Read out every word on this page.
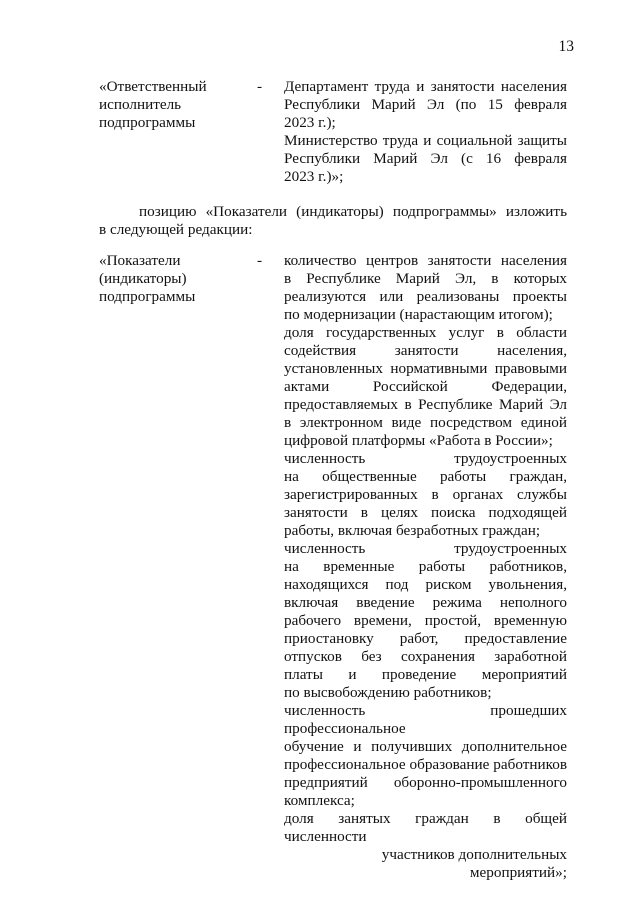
13
«Ответственный исполнитель подпрограммы
- Департамент труда и занятости населения
Республики Марий Эл (по 15 февраля
2023 г.);
Министерство труда и социальной защиты
Республики Марий Эл (с 16 февраля
2023 г.)»;
позицию «Показатели (индикаторы) подпрограммы» изложить
в следующей редакции:
«Показатели (индикаторы) подпрограммы
- количество центров занятости населения
в Республике Марий Эл, в которых
реализуются или реализованы проекты
по модернизации (нарастающим итогом);
доля государственных услуг в области
содействия занятости населения,
установленных нормативными правовыми
актами Российской Федерации,
предоставляемых в Республике Марий Эл
в электронном виде посредством единой
цифровой платформы «Работа в России»;
численность трудоустроенных
на общественные работы граждан,
зарегистрированных в органах службы
занятости в целях поиска подходящей
работы, включая безработных граждан;
численность трудоустроенных
на временные работы работников,
находящихся под риском увольнения,
включая введение режима неполного
рабочего времени, простой, временную
приостановку работ, предоставление
отпусков без сохранения заработной
платы и проведение мероприятий
по высвобождению работников;
численность прошедших профессиональное
обучение и получивших дополнительное
профессиональное образование работников
предприятий оборонно-промышленного
комплекса;
доля занятых граждан в общей численности
участников дополнительных мероприятий»;
